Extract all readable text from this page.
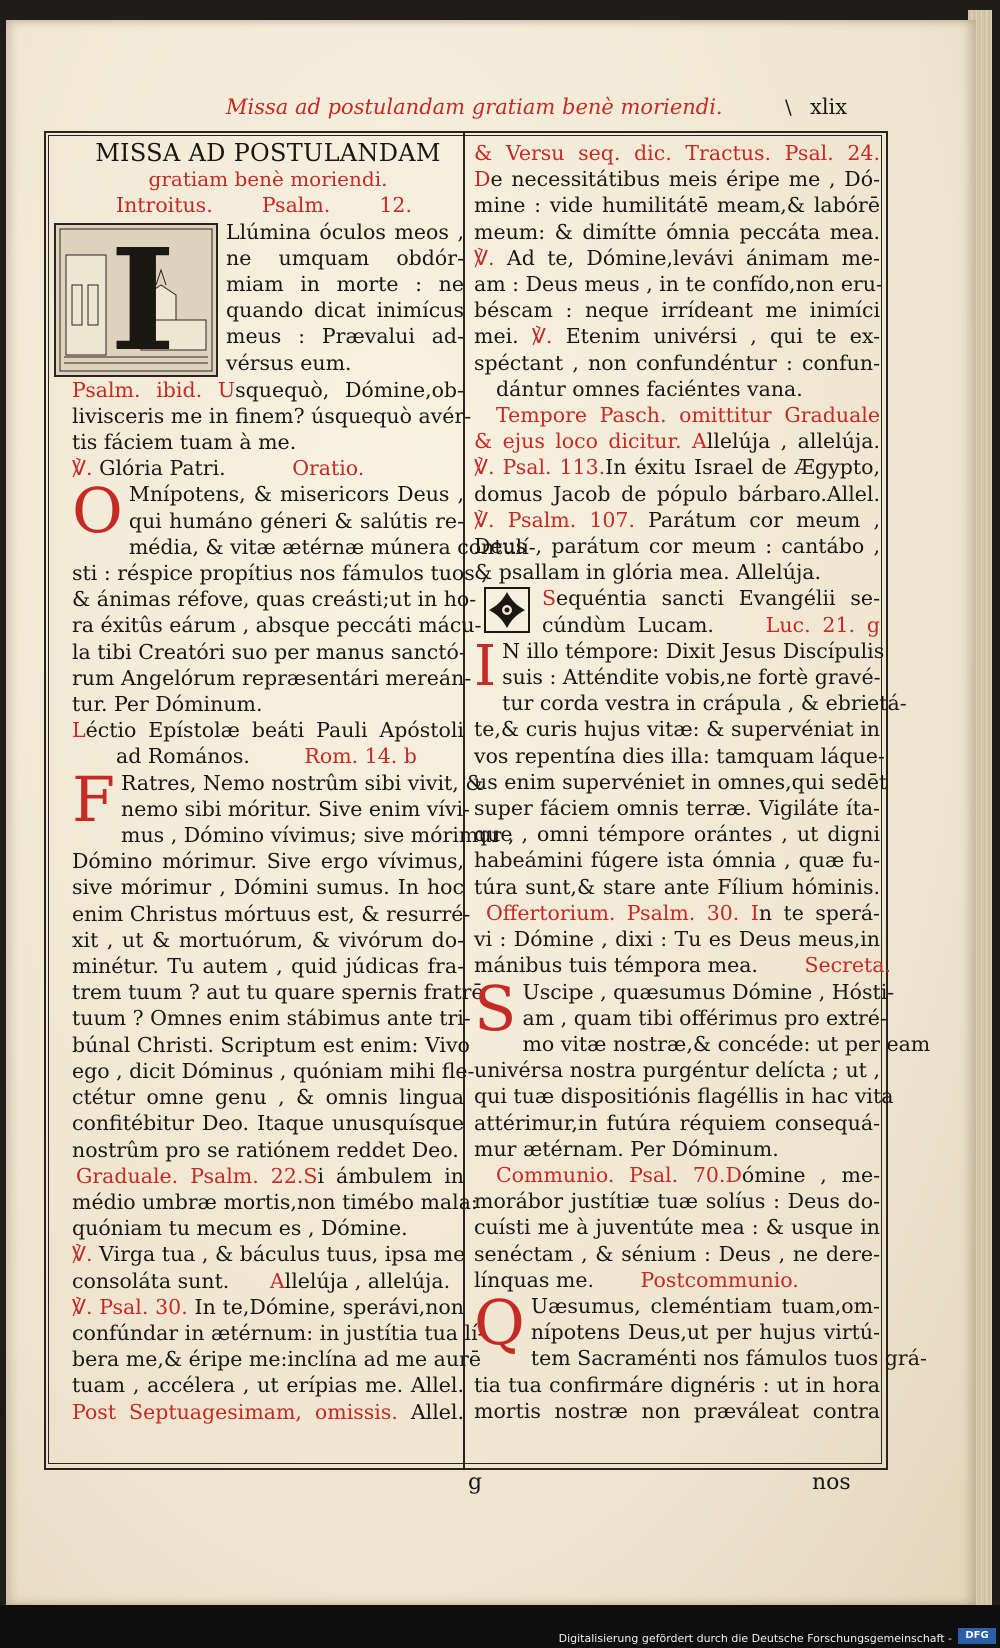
Missa ad postulandam gratiam benè moriendi.	\ xlix
MISSA AD POSTULANDAM
gratiam benè moriendi.
Introitus. Psalm. 12.
I	Llúmina óculos meos ,
ne umquam obdór-
miam in morte : ne
quando dicat inimícus
meus : Prævalui ad-
vérsus eum.
Psalm. ibid. Usquequò, Dómine,ob-
livisceris me in finem? úsquequò avér-
tis fáciem tuam à me.
℣. Glória Patri.	Oratio.
O Mnípotens, & misericors Deus ,
qui humáno géneri & salútis re-
média, & vitæ ætérnæ múnera contulí-
sti : réspice propítius nos fámulos tuos ,
& ánimas réfove, quas creásti;ut in ho-
ra éxitûs eárum , absque peccáti mácu-
la tibi Creatóri suo per manus sanctó-
rum Angelórum repræsentári mereán-
tur. Per Dóminum.
Léctio Epístolæ beáti Pauli Apóstoli
ad Romános.	Rom. 14. b
F Ratres, Nemo nostrûm sibi vivit, &
nemo sibi móritur. Sive enim vívi-
mus , Dómino vívimus; sive mórimur ,
Dómino mórimur. Sive ergo vívimus,
sive mórimur , Dómini sumus. In hoc
enim Christus mórtuus est, & resurré-
xit , ut & mortuórum, & vivórum do-
minétur. Tu autem , quid júdicas fra-
trem tuum ? aut tu quare spernis fratrē
tuum ? Omnes enim stábimus ante tri-
búnal Christi. Scriptum est enim: Vivo
ego , dicit Dóminus , quóniam mihi fle-
ctétur omne genu , & omnis lingua
confitébitur Deo. Itaque unusquísque
nostrûm pro se ratiónem reddet Deo.
Graduale. Psalm. 22.Si ámbulem in
médio umbræ mortis,non timébo mala:
quóniam tu mecum es , Dómine.
℣. Virga tua , & báculus tuus, ipsa me
consoláta sunt. Allelúja , allelúja.
℣. Psal. 30. In te,Dómine, sperávi,non
confúndar in ætérnum: in justítia tua lí-
bera me,& éripe me:inclína ad me aurē
tuam , accélera , ut erípias me. Allel.
Post Septuagesimam, omissis. Allel.
& Versu seq. dic. Tractus. Psal. 24.
De necessitátibus meis éripe me , Dó-
mine : vide humilitátē meam,& labórē
meum: & dimítte ómnia peccáta mea.
℣. Ad te, Dómine,levávi ánimam me-
am : Deus meus , in te confído,non eru-
béscam : neque irrídeant me inimíci
mei. ℣. Etenim univérsi , qui te ex-
spéctant , non confundéntur : confun-
dántur omnes faciéntes vana.
Tempore Pasch. omittitur Graduale
& ejus loco dicitur. Allelúja , allelúja.
℣. Psal. 113.In éxitu Israel de Ægypto,
domus Jacob de pópulo bárbaro.Allel.
℣. Psalm. 107. Parátum cor meum ,
Deus , parátum cor meum : cantábo ,
& psallam in glória mea. Allelúja.
Sequéntia sancti Evangélii se-
cúndùm Lucam.	Luc. 21. g
I N illo témpore: Dixit Jesus Discípulis
suis : Atténdite vobis,ne fortè gravé-
tur corda vestra in crápula , & ebrietá-
te,& curis hujus vitæ: & supervéniat in
vos repentína dies illa: tamquam láque-
us enim supervéniet in omnes,qui sedēt
super fáciem omnis terræ. Vigiláte íta-
que , omni témpore orántes , ut digni
habeámini fúgere ista ómnia , quæ fu-
túra sunt,& stare ante Fílium hóminis.
Offertorium. Psalm. 30. In te sperá-
vi : Dómine , dixi : Tu es Deus meus,in
mánibus tuis témpora mea. Secreta.
S Uscipe , quæsumus Dómine , Hósti-
am , quam tibi offérimus pro extré-
mo vitæ nostræ,& concéde: ut per eam
univérsa nostra purgéntur delícta ; ut ,
qui tuæ dispositiónis flagéllis in hac vita
attérimur,in futúra réquiem consequá-
mur ætérnam. Per Dóminum.
Communio. Psal. 70.Dómine , me-
morábor justítiæ tuæ solíus : Deus do-
cuísti me à juventúte mea : & usque in
senéctam , & sénium : Deus , ne dere-
línquas me. Postcommunio.
Q Uæsumus, cleméntiam tuam,om-
nípotens Deus,ut per hujus virtú-
tem Sacraménti nos fámulos tuos grá-
tia tua confirmáre dignéris : ut in hora
mortis nostræ non præváleat contra
g	nos
Digitalisierung gefördert durch die Deutsche Forschungsgemeinschaft -	DFG
